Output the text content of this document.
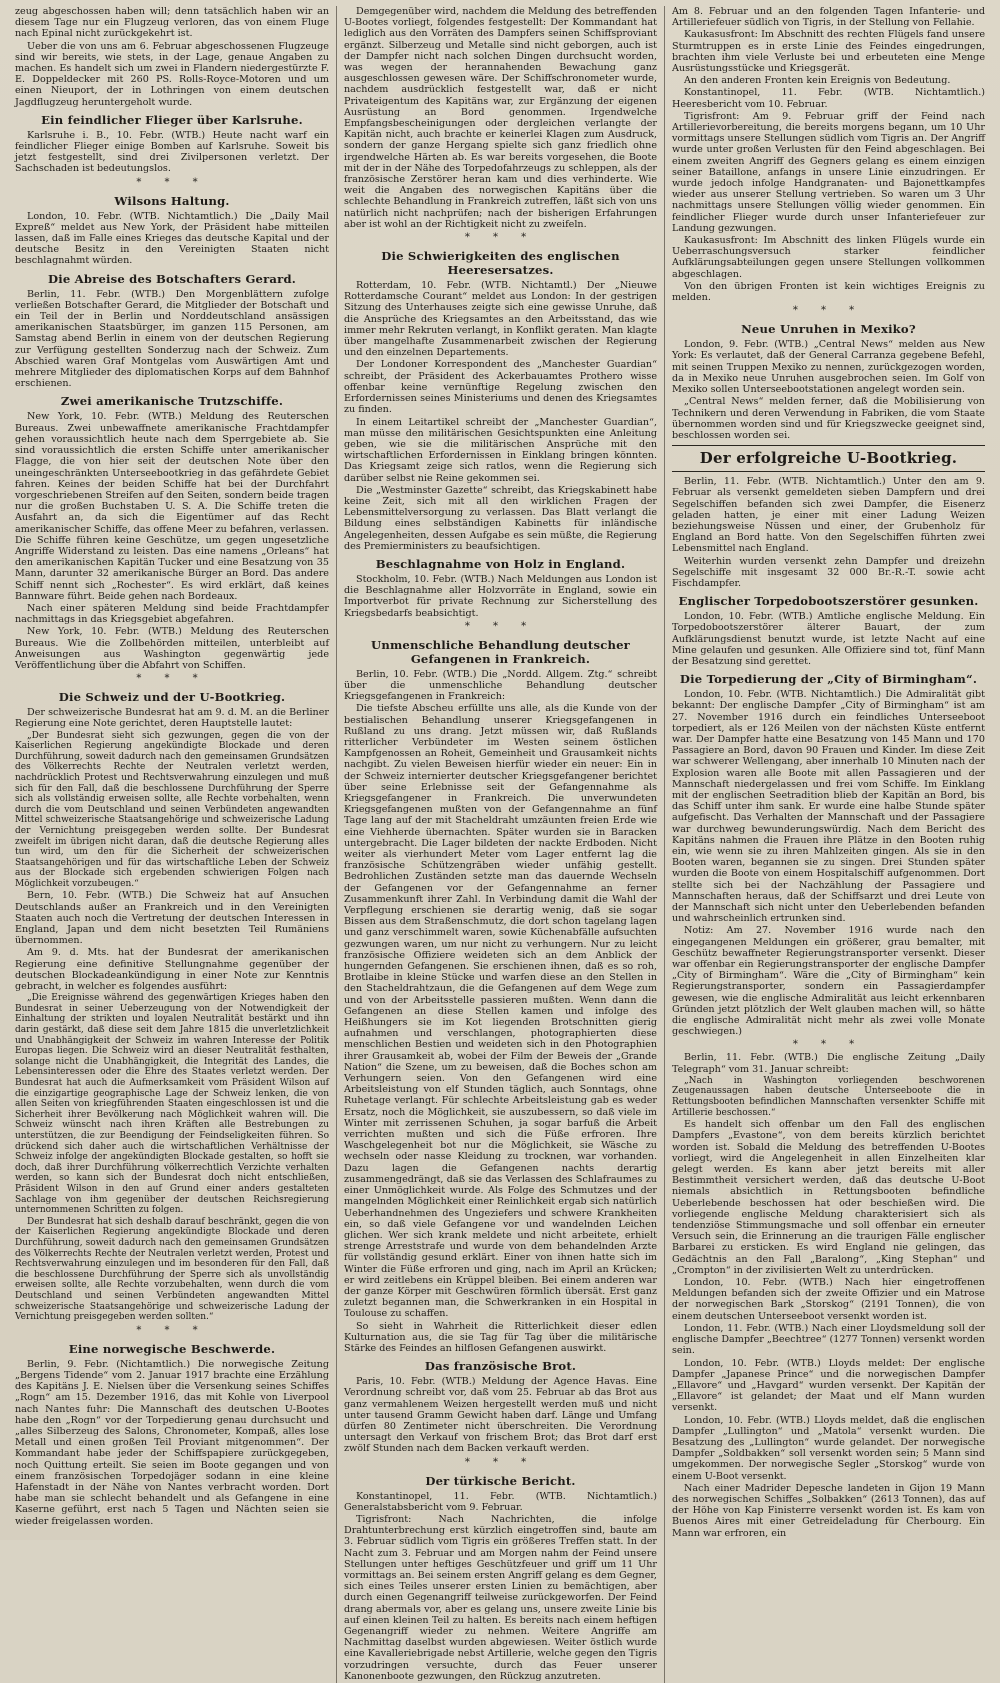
zeug abgeschossen haben will; denn tatsächlich haben wir an diesem Tage nur ein Flugzeug verloren, das von einem Fluge nach Epinal nicht zurückgekehrt ist.

Ueber die von uns am 6. Februar abgeschossenen Flugzeuge sind wir bereits, wie stets, in der Lage, genaue Angaben zu machen. Es handelt sich um zwei in Flandern niedergestürzte F. E. Doppeldecker mit 260 PS. Rolls-Royce-Motoren und um einen Nieuport, der in Lothringen von einem deutschen Jagdflugzeug heruntergeholt wurde.

Ein feindlicher Flieger über Karlsruhe.

Karlsruhe i. B., 10. Febr. (WTB.) Heute nacht warf ein feindlicher Flieger einige Bomben auf Karlsruhe. Soweit bis jetzt festgestellt, sind drei Zivilpersonen verletzt. Der Sachschaden ist bedeutungslos.

* * *
Wilsons Haltung.

London, 10. Febr. (WTB. Nichtamtlich.) Die „Daily Mail Expreß“ meldet aus New York, der Präsident habe mitteilen lassen, daß im Falle eines Krieges das deutsche Kapital und der deutsche Besitz in den Vereinigten Staaten nicht beschlagnahmt würden.

Die Abreise des Botschafters Gerard.

Berlin, 11. Febr. (WTB.) Den Morgenblättern zufolge verließen Botschafter Gerard, die Mitglieder der Botschaft und ein Teil der in Berlin und Norddeutschland ansässigen amerikanischen Staatsbürger, im ganzen 115 Personen, am Samstag abend Berlin in einem von der deutschen Regierung zur Verfügung gestellten Sonderzug nach der Schweiz. Zum Abschied waren Graf Montgelas vom Auswärtigen Amt und mehrere Mitglieder des diplomatischen Korps auf dem Bahnhof erschienen.

Zwei amerikanische Trutzschiffe.

New York, 10. Febr. (WTB.) Meldung des Reuterschen Bureaus. Zwei unbewaffnete amerikanische Frachtdampfer gehen voraussichtlich heute nach dem Sperrgebiete ab. Sie sind voraussichtlich die ersten Schiffe unter amerikanischer Flagge, die von hier seit der deutschen Note über den uneingeschränkten Unterseebootkrieg in das gefährdete Gebiet fahren. Keines der beiden Schiffe hat bei der Durchfahrt vorgeschriebenen Streifen auf den Seiten, sondern beide tragen nur die großen Buchstaben U. S. A. Die Schiffe treten die Ausfahrt an, da sich die Eigentümer auf das Recht amerikanischer Schiffe, das offene Meer zu befahren, verlassen. Die Schiffe führen keine Geschütze, um gegen ungesetzliche Angriffe Widerstand zu leisten. Das eine namens „Orleans“ hat den amerikanischen Kapitän Tucker und eine Besatzung von 35 Mann, darunter 32 amerikanische Bürger an Bord. Das andere Schiff nennt sich „Rochester“. Es wird erklärt, daß keines Bannware führt. Beide gehen nach Bordeaux.

Nach einer späteren Meldung sind beide Frachtdampfer nachmittags in das Kriegsgebiet abgefahren.

New York, 10. Febr. (WTB.) Meldung des Reuterschen Bureaus. Wie die Zollbehörden mitteilen, unterbleibt auf Anweisungen aus Washington gegenwärtig jede Veröffentlichung über die Abfahrt von Schiffen.

* * *
Die Schweiz und der U-Bootkrieg.

Der schweizerische Bundesrat hat am 9. d. M. an die Berliner Regierung eine Note gerichtet, deren Hauptstelle lautet:

„Der Bundesrat sieht sich gezwungen, gegen die von der Kaiserlichen Regierung angekündigte Blockade und deren Durchführung, soweit dadurch nach den gemeinsamen Grundsätzen des Völkerrechts Rechte der Neutralen verletzt werden, nachdrücklich Protest und Rechtsverwahrung einzulegen und muß sich für den Fall, daß die beschlossene Durchführung der Sperre sich als vollständig erweisen sollte, alle Rechte vorbehalten, wenn durch die vom Deutschland und seinen Verbündeten angewandten Mittel schweizerische Staatsangehörige und schweizerische Ladung der Vernichtung preisgegeben werden sollte. Der Bundesrat zweifelt im übrigen nicht daran, daß die deutsche Regierung alles tun wird, um den für die Sicherheit der schweizerischen Staatsangehörigen und für das wirtschaftliche Leben der Schweiz aus der Blockade sich ergebenden schwierigen Folgen nach Möglichkeit vorzubeugen.“

Bern, 10. Febr. (WTB.) Die Schweiz hat auf Ansuchen Deutschlands außer an Frankreich und in den Vereinigten Staaten auch noch die Vertretung der deutschen Interessen in England, Japan und dem nicht besetzten Teil Rumäniens übernommen.

Am 9. d. Mts. hat der Bundesrat der amerikanischen Regierung eine definitive Stellungnahme gegenüber der deutschen Blockadeankündigung in einer Note zur Kenntnis gebracht, in welcher es folgendes ausführt:

„Die Ereignisse während des gegenwärtigen Krieges haben den Bundesrat in seiner Ueberzeugung von der Notwendigkeit der Einhaltung der strikten und loyalen Neutralität bestärkt und ihn darin gestärkt, daß diese seit dem Jahre 1815 die unverletzlichkeit und Unabhängigkeit der Schweiz im wahren Interesse der Politik Europas liegen. Die Schweiz wird an dieser Neutralität festhalten, solange nicht die Unabhängigkeit, die Integrität des Landes, die Lebensinteressen oder die Ehre des Staates verletzt werden. Der Bundesrat hat auch die Aufmerksamkeit vom Präsident Wilson auf die einzigartige geographische Lage der Schweiz lenken, die von allen Seiten von kriegführenden Staaten eingeschlossen ist und die Sicherheit ihrer Bevölkerung nach Möglichkeit wahren will. Die Schweiz wünscht nach ihren Kräften alle Bestrebungen zu unterstützen, die zur Beendigung der Feindseligkeiten führen. So drückend sich daher auch die wirtschaftlichen Verhältnisse der Schweiz infolge der angekündigten Blockade gestalten, so hofft sie doch, daß ihrer Durchführung völkerrechtlich Verzichte verhalten werden, so kann sich der Bundesrat doch nicht entschließen, Präsident Wilson in den auf Grund einer anders gestalteten Sachlage von ihm gegenüber der deutschen Reichsregierung unternommenen Schritten zu folgen.

Der Bundesrat hat sich deshalb darauf beschränkt, gegen die von der Kaiserlichen Regierung angekündigte Blockade und deren Durchführung, soweit dadurch nach den gemeinsamen Grundsätzen des Völkerrechts Rechte der Neutralen verletzt werden, Protest und Rechtsverwahrung einzulegen und im besonderen für den Fall, daß die beschlossene Durchführung der Sperre sich als unvollständig erweisen sollte, alle Rechte vorzubehalten, wenn durch die vom Deutschland und seinen Verbündeten angewandten Mittel schweizerische Staatsangehörige und schweizerische Ladung der Vernichtung preisgegeben werden sollten.“

* * *
Eine norwegische Beschwerde.

Berlin, 9. Febr. (Nichtamtlich.) Die norwegische Zeitung „Bergens Tidende“ vom 2. Januar 1917 brachte eine Erzählung des Kapitäns J. E. Nielsen über die Versenkung seines Schiffes „Rogn“ am 15. Dezember 1916, das mit Kohle von Liverpool nach Nantes fuhr: Die Mannschaft des deutschen U-Bootes habe den „Rogn“ vor der Torpedierung genau durchsucht und „alles Silberzeug des Salons, Chronometer, Kompaß, alles lose Metall und einen großen Teil Proviant mitgenommen“. Der Kommandant habe jeder der Schiffspapiere zurückgegeben, noch Quittung erteilt. Sie seien im Boote gegangen und von einem französischen Torpedojäger sodann in eine kleine Hafenstadt in der Nähe von Nantes verbracht worden. Dort habe man sie schlecht behandelt und als Gefangene in eine Kaserne geführt, erst nach 5 Tagen und Nächten seien sie wieder freigelassen worden.

Demgegenüber wird, nachdem die Meldung des betreffenden U-Bootes vorliegt, folgendes festgestellt: Der Kommandant hat lediglich aus den Vorräten des Dampfers seinen Schiffsproviant ergänzt. Silberzeug und Metalle sind nicht geborgen, auch ist der Dampfer nicht nach solchen Dingen durchsucht worden, was wegen der herannahenden Bewachung ganz ausgeschlossen gewesen wäre. Der Schiffschronometer wurde, nachdem ausdrücklich festgestellt war, daß er nicht Privateigentum des Kapitäns war, zur Ergänzung der eigenen Ausrüstung an Bord genommen. Irgendwelche Empfangsbescheinigungen oder dergleichen verlangte der Kapitän nicht, auch brachte er keinerlei Klagen zum Ausdruck, sondern der ganze Hergang spielte sich ganz friedlich ohne irgendwelche Härten ab. Es war bereits vorgesehen, die Boote mit der in der Nähe des Torpedofahrzeugs zu schleppen, als der französische Zerstörer heran kam und dies verhinderte. Wie weit die Angaben des norwegischen Kapitäns über die schlechte Behandlung in Frankreich zutreffen, läßt sich von uns natürlich nicht nachprüfen; nach der bisherigen Erfahrungen aber ist wohl an der Richtigkeit nicht zu zweifeln.

* * *
Die Schwierigkeiten des englischen Heeresersatzes.

Rotterdam, 10. Febr. (WTB. Nichtamtl.) Der „Nieuwe Rotterdamsche Courant“ meldet aus London: In der gestrigen Sitzung des Unterhauses zeigte sich eine gewisse Unruhe, daß die Ansprüche des Kriegsamtes an den Arbeitsstand, das wie immer mehr Rekruten verlangt, in Konflikt geraten. Man klagte über mangelhafte Zusammenarbeit zwischen der Regierung und den einzelnen Departements.

Der Londoner Korrespondent des „Manchester Guardian“ schreibt, der Präsident des Ackerbauamtes Prothero wisse offenbar keine vernünftige Regelung zwischen den Erfordernissen seines Ministeriums und denen des Kriegsamtes zu finden.

In einem Leitartikel schreibt der „Manchester Guardian“, man müsse den militärischen Gesichtspunkten eine Anleitung geben, wie sie die militärischen Ansprüche mit den wirtschaftlichen Erfordernissen in Einklang bringen könnten. Das Kriegsamt zeige sich ratlos, wenn die Regierung sich darüber selbst nie Reine gekommen sei.

Die „Westminster Gazette“ schreibt, das Kriegskabinett habe keine Zeit, sich mit all den wirklichen Fragen der Lebensmittelversorgung zu verlassen. Das Blatt verlangt die Bildung eines selbständigen Kabinetts für inländische Angelegenheiten, dessen Aufgabe es sein müßte, die Regierung des Premierministers zu beaufsichtigen.

Beschlagnahme von Holz in England.

Stockholm, 10. Febr. (WTB.) Nach Meldungen aus London ist die Beschlagnahme aller Holzvorräte in England, sowie ein Importverbot für private Rechnung zur Sicherstellung des Kriegsbedarfs beabsichtigt.

* * *
Unmenschliche Behandlung deutscher Gefangenen in Frankreich.

Berlin, 10. Febr. (WTB.) Die „Nordd. Allgem. Ztg.“ schreibt über die unmenschliche Behandlung deutscher Kriegsgefangenen in Frankreich:

Die tiefste Abscheu erfüllte uns alle, als die Kunde von der bestialischen Behandlung unserer Kriegsgefangenen in Rußland zu uns drang. Jetzt müssen wir, daß Rußlands ritterlicher Verbündeter im Westen seinem östlichen Kampfgenossen an Roheit, Gemeinheit und Grausamkeit nichts nachgibt. Zu vielen Beweisen hierfür wieder ein neuer: Ein in der Schweiz internierter deutscher Kriegsgefangener berichtet über seine Erlebnisse seit der Gefangennahme als Kriegsgefangener in Frankreich. Die unverwundeten Kriegsgefangenen mußten von der Gefangennahme an fünf Tage lang auf der mit Stacheldraht umzäunten freien Erde wie eine Viehherde übernachten. Später wurden sie in Baracken untergebracht. Die Lager bildeten der nackte Erdboden. Nicht weiter als vierhundert Meter vom Lager entfernt lag die französische Schützengräben wieder unfähig gestellt. Bedrohlichen Zuständen setzte man das dauernde Wechseln der Gefangenen vor der Gefangennahme an ferner Zusammenkunft ihrer Zahl. In Verbindung damit die Wahl der Verpflegung erschienen sie derartig wenig, daß sie sogar Bissen aus dem Straßenschmutz, die dort schon tagelang lagen und ganz verschimmelt waren, sowie Küchenabfälle aufsuchten gezwungen waren, um nur nicht zu verhungern. Nur zu leicht französische Offiziere weideten sich an dem Anblick der hungernden Gefangenen. Sie erschienen ihnen, daß es so roh, Brotlaibe in kleine Stücke und warfen diese an den Stellen in den Stacheldrahtzaun, die die Gefangenen auf dem Wege zum und von der Arbeitsstelle passieren mußten. Wenn dann die Gefangenen an diese Stellen kamen und infolge des Heißhungers sie im Kot liegenden Brotschnitten gierig aufnahmen und verschlangen, photographierten diese menschlichen Bestien und weideten sich in den Photographien ihrer Grausamkeit ab, wobei der Film der Beweis der „Grande Nation“ die Szene, um zu beweisen, daß die Boches schon am Verhungern seien. Von den Gefangenen wird eine Arbeitsleistung von elf Stunden täglich, auch Sonntags, ohne Ruhetage verlangt. Für schlechte Arbeitsleistung gab es weder Ersatz, noch die Möglichkeit, sie auszubessern, so daß viele im Winter mit zerrissenen Schuhen, ja sogar barfuß die Arbeit verrichten mußten und sich die Füße erfroren. Ihre Waschgelegenheit bot nur die Möglichkeit, sie Wäsche zu wechseln oder nasse Kleidung zu trocknen, war vorhanden. Dazu lagen die Gefangenen nachts derartig zusammengedrängt, daß sie das Verlassen des Schlafraumes zu einer Unmöglichkeit wurde. Als Folge des Schmutzes und der mangelnden Möglichkeit einer Reinlichkeit ergab sich natürlich Ueberhandnehmen des Ungeziefers und schwere Krankheiten ein, so daß viele Gefangene vor und wandelnden Leichen glichen. Wer sich krank meldete und nicht arbeitete, erhielt strenge Arreststrafe und wurde von dem behandelnden Arzte für vollständig gesund erklärt. Einer von ihnen hatte sich im Winter die Füße erfroren und ging, nach im April an Krücken; er wird zeitlebens ein Krüppel bleiben. Bei einem anderen war der ganze Körper mit Geschwüren förmlich übersät. Erst ganz zuletzt begannen man, die Schwerkranken in ein Hospital in Toulouse zu schaffen.

So sieht in Wahrheit die Ritterlichkeit dieser edlen Kulturnation aus, die sie Tag für Tag über die militärische Stärke des Feindes an hilflosen Gefangenen auswirkt.

Das französische Brot.

Paris, 10. Febr. (WTB.) Meldung der Agence Havas. Eine Verordnung schreibt vor, daß vom 25. Februar ab das Brot aus ganz vermahlenem Weizen hergestellt werden muß und nicht unter tausend Gramm Gewicht haben darf. Länge und Umfang dürfen 80 Zentimeter nicht überschreiten. Die Verordnung untersagt den Verkauf von frischem Brot; das Brot darf erst zwölf Stunden nach dem Backen verkauft werden.

* * *
Der türkische Bericht.

Konstantinopel, 11. Febr. (WTB. Nichtamtlich.) Generalstabsbericht vom 9. Februar.

Tigrisfront: Nach Nachrichten, die infolge Drahtunterbrechung erst kürzlich eingetroffen sind, baute am 3. Februar südlich vom Tigris ein größeres Treffen statt. In der Nacht zum 3. Februar und am Morgen nahm der Feind unsere Stellungen unter heftiges Geschützfeuer und griff um 11 Uhr vormittags an. Bei seinem ersten Angriff gelang es dem Gegner, sich eines Teiles unserer ersten Linien zu bemächtigen, aber durch einen Gegenangriff teilweise zurückgeworfen. Der Feind drang abermals vor, aber es gelang uns, unsere zweite Linie bis auf einen kleinen Teil zu halten. Es bereits nach einem heftigen Gegenangriff wieder zu nehmen. Weitere Angriffe am Nachmittag daselbst wurden abgewiesen. Weiter östlich wurde eine Kavalleriebrigade nebst Artillerie, welche gegen den Tigris vorzudringen versuchte, durch das Feuer unserer Kanonenboote gezwungen, den Rückzug anzutreten.

Am 8. Februar und an den folgenden Tagen Infanterie- und Artilleriefeuer südlich von Tigris, in der Stellung von Fellahie.

Kaukasusfront: Im Abschnitt des rechten Flügels fand unsere Sturmtruppen es in erste Linie des Feindes eingedrungen, brachten ihm viele Verluste bei und erbeuteten eine Menge Ausrüstungsstücke und Kriegsgerät.

An den anderen Fronten kein Ereignis von Bedeutung.

Konstantinopel, 11. Febr. (WTB. Nichtamtlich.) Heeresbericht vom 10. Februar.

Tigrisfront: Am 9. Februar griff der Feind nach Artillerievorbereitung, die bereits morgens begann, um 10 Uhr vormittags unsere Stellungen südlich vom Tigris an. Der Angriff wurde unter großen Verlusten für den Feind abgeschlagen. Bei einem zweiten Angriff des Gegners gelang es einem einzigen seiner Bataillone, anfangs in unsere Linie einzudringen. Er wurde jedoch infolge Handgranaten- und Bajonettkampfes wieder aus unserer Stellung vertrieben. So waren um 3 Uhr nachmittags unsere Stellungen völlig wieder genommen. Ein feindlicher Flieger wurde durch unser Infanteriefeuer zur Landung gezwungen.

Kaukasusfront: Im Abschnitt des linken Flügels wurde ein Ueberraschungsversuch starker feindlicher Aufklärungsabteilungen gegen unsere Stellungen vollkommen abgeschlagen.

Von den übrigen Fronten ist kein wichtiges Ereignis zu melden.

* * *
Neue Unruhen in Mexiko?

London, 9. Febr. (WTB.) „Central News“ melden aus New York: Es verlautet, daß der General Carranza gegebene Befehl, mit seinen Truppen Mexiko zu nennen, zurückgezogen worden, da in Mexiko neue Unruhen ausgebrochen seien. Im Golf von Mexiko sollen Unterseebootstationen angelegt worden sein.

„Central News“ melden ferner, daß die Mobilisierung von Technikern und deren Verwendung in Fabriken, die vom Staate übernommen worden sind und für Kriegszwecke geeignet sind, beschlossen worden sei.

Der erfolgreiche U-Bootkrieg.

Berlin, 11. Febr. (WTB. Nichtamtlich.) Unter den am 9. Februar als versenkt gemeldeten sieben Dampfern und drei Segelschiffen befanden sich zwei Dampfer, die Eisenerz geladen hatten, je einer mit einer Ladung Weizen beziehungsweise Nüssen und einer, der Grubenholz für England an Bord hatte. Von den Segelschiffen führten zwei Lebensmittel nach England.

Weiterhin wurden versenkt zehn Dampfer und dreizehn Segelschiffe mit insgesamt 32 000 Br.-R.-T. sowie acht Fischdampfer.

Englischer Torpedobootszerstörer gesunken.

London, 10. Febr. (WTB.) Amtliche englische Meldung. Ein Torpedobootszerstörer älterer Bauart, der zum Aufklärungsdienst benutzt wurde, ist letzte Nacht auf eine Mine gelaufen und gesunken. Alle Offiziere sind tot, fünf Mann der Besatzung sind gerettet.

Die Torpedierung der „City of Birmingham“.

London, 10. Febr. (WTB. Nichtamtlich.) Die Admiralität gibt bekannt: Der englische Dampfer „City of Birmingham“ ist am 27. November 1916 durch ein feindliches Unterseeboot torpediert, als er 126 Meilen von der nächsten Küste entfernt war. Der Dampfer hatte eine Besatzung von 145 Mann und 170 Passagiere an Bord, davon 90 Frauen und Kinder. Im diese Zeit war schwerer Wellengang, aber innerhalb 10 Minuten nach der Explosion waren alle Boote mit allen Passagieren und der Mannschaft niedergelassen und frei vom Schiffe. Im Einklang mit der englischen Seetradition blieb der Kapitän an Bord, bis das Schiff unter ihm sank. Er wurde eine halbe Stunde später aufgefischt. Das Verhalten der Mannschaft und der Passagiere war durchweg bewunderungswürdig. Nach dem Bericht des Kapitäns nahmen die Frauen ihre Plätze in den Booten ruhig ein, wie wenn sie zu ihren Mahlzeiten gingen. Als sie in den Booten waren, begannen sie zu singen. Drei Stunden später wurden die Boote von einem Hospitalschiff aufgenommen. Dort stellte sich bei der Nachzählung der Passagiere und Mannschaften heraus, daß der Schiffsarzt und drei Leute von der Mannschaft sich nicht unter den Ueberlebenden befanden und wahrscheinlich ertrunken sind.

Notiz: Am 27. November 1916 wurde nach den eingegangenen Meldungen ein größerer, grau bemalter, mit Geschütz bewaffneter Regierungstransporter versenkt. Dieser war offenbar ein Regierungstransporter der englische Dampfer „City of Birmingham“. Wäre die „City of Birmingham“ kein Regierungstransporter, sondern ein Passagierdampfer gewesen, wie die englische Admiralität aus leicht erkennbaren Gründen jetzt plötzlich der Welt glauben machen will, so hätte die englische Admiralität nicht mehr als zwei volle Monate geschwiegen.)

* * *

Berlin, 11. Febr. (WTB.) Die englische Zeitung „Daily Telegraph“ vom 31. Januar schreibt:

„Nach in Washington vorliegenden beschworenen Zeugenaussagen haben deutsche Unterseeboote die in Rettungsbooten befindlichen Mannschaften versenkter Schiffe mit Artillerie beschossen.“

Es handelt sich offenbar um den Fall des englischen Dampfers „Evastone“, von dem bereits kürzlich berichtet worden ist. Sobald die Meldung des betreffenden U-Bootes vorliegt, wird die Angelegenheit in allen Einzelheiten klar gelegt werden. Es kann aber jetzt bereits mit aller Bestimmtheit versichert werden, daß das deutsche U-Boot niemals absichtlich in Rettungsbooten befindliche Ueberlebende beschossen hat oder beschießen wird. Die vorliegende englische Meldung charakterisiert sich als tendenziöse Stimmungsmache und soll offenbar ein erneuter Versuch sein, die Erinnerung an die traurigen Fälle englischer Barbarei zu ersticken. Es wird England nie gelingen, das Gedächtnis an den Fall „Baralong“, „King Stephan“ und „Crompton“ in der zivilisierten Welt zu unterdrücken.

London, 10. Febr. (WTB.) Nach hier eingetroffenen Meldungen befanden sich der zweite Offizier und ein Matrose der norwegischen Bark „Storskog“ (2191 Tonnen), die von einem deutschen Unterseeboot versenkt worden ist.

London, 11. Febr. (WTB.) Nach einer Lloydsmeldung soll der englische Dampfer „Beechtree“ (1277 Tonnen) versenkt worden sein.

London, 10. Febr. (WTB.) Lloyds meldet: Der englische Dampfer „Japanese Prince“ und die norwegischen Dampfer „Ellavore“ und „Havgard“ wurden versenkt. Der Kapitän der „Ellavore“ ist gelandet; der Maat und elf Mann wurden versenkt.

London, 10. Febr. (WTB.) Lloyds meldet, daß die englischen Dampfer „Lullington“ und „Matola“ versenkt wurden. Die Besatzung des „Lullington“ wurde gelandet. Der norwegische Dampfer „Soldbakken“ soll versenkt worden sein; 5 Mann sind umgekommen. Der norwegische Segler „Storskog“ wurde von einem U-Boot versenkt.

Nach einer Madrider Depesche landeten in Gijon 19 Mann des norwegischen Schiffes „Solbakken“ (2613 Tonnen), das auf der Höhe von Kap Finisterre versenkt worden ist. Es kam von Buenos Aires mit einer Getreideladung für Cherbourg. Ein Mann war erfroren, ein
